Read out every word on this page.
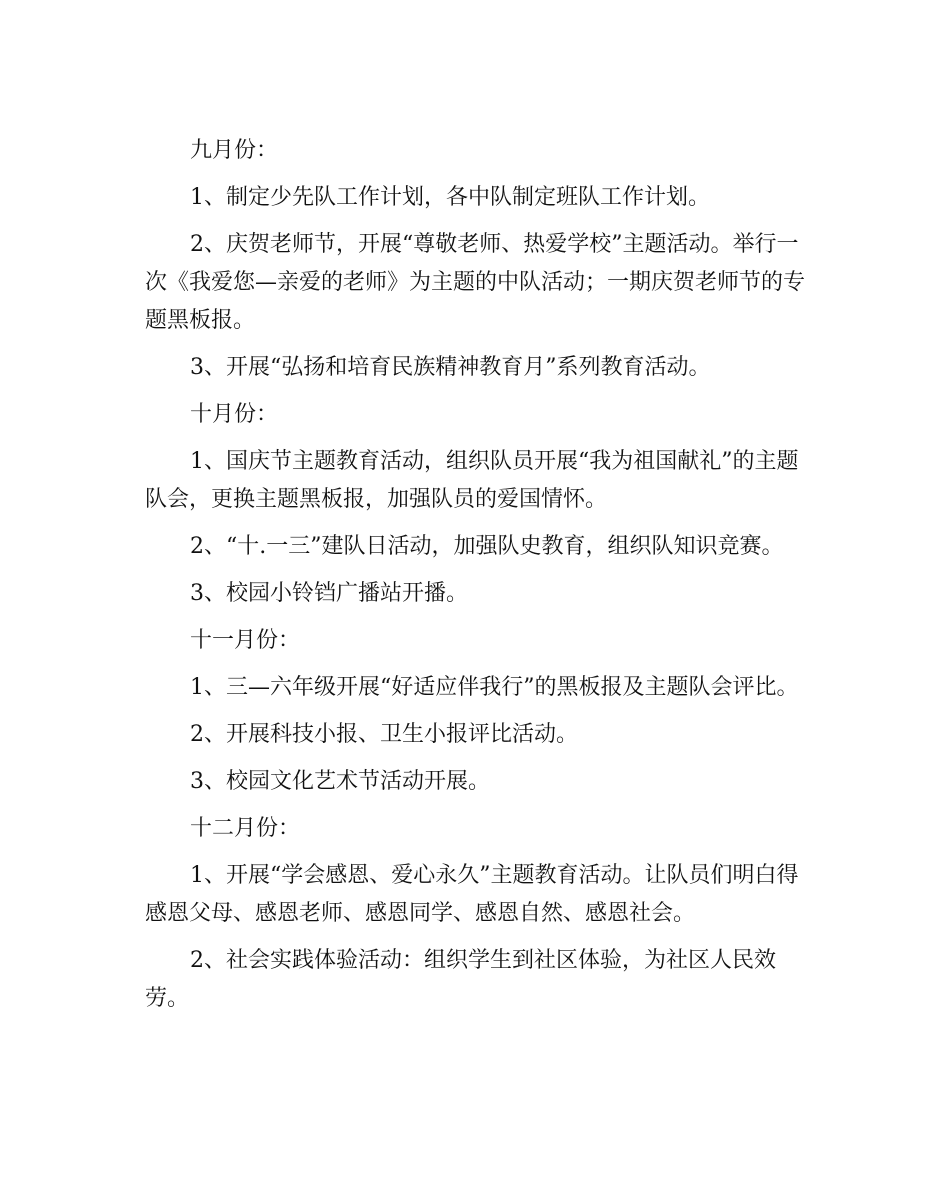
九月份：

1、制定少先队工作计划，各中队制定班队工作计划。

2、庆贺老师节，开展“尊敬老师、热爱学校”主题活动。举行一次《我爱您—亲爱的老师》为主题的中队活动；一期庆贺老师节的专题黑板报。

3、开展“弘扬和培育民族精神教育月”系列教育活动。

十月份：

1、国庆节主题教育活动，组织队员开展“我为祖国献礼”的主题队会，更换主题黑板报，加强队员的爱国情怀。

2、“十.一三”建队日活动，加强队史教育，组织队知识竞赛。

3、校园小铃铛广播站开播。

十一月份：

1、三—六年级开展“好适应伴我行”的黑板报及主题队会评比。

2、开展科技小报、卫生小报评比活动。

3、校园文化艺术节活动开展。

十二月份：

1、开展“学会感恩、爱心永久”主题教育活动。让队员们明白得感恩父母、感恩老师、感恩同学、感恩自然、感恩社会。

2、社会实践体验活动：组织学生到社区体验，为社区人民效劳。
